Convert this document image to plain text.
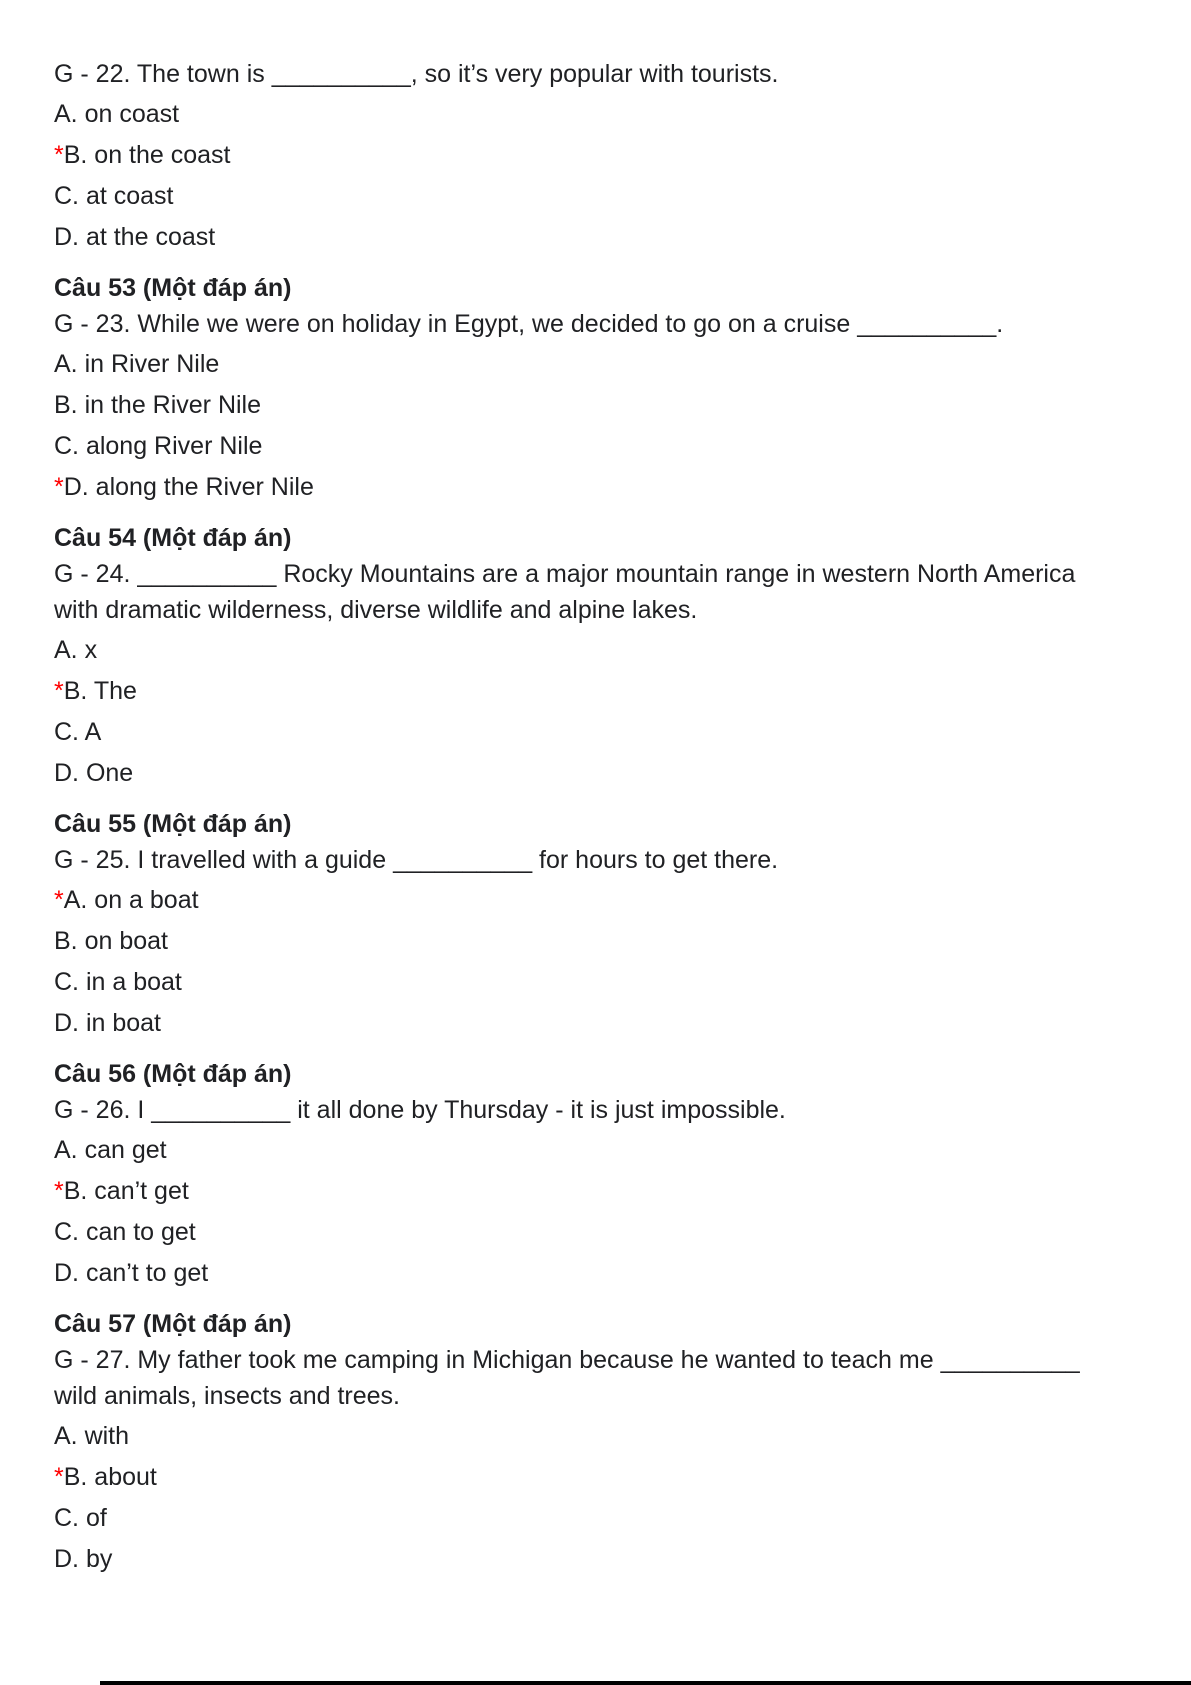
G - 22. The town is __________, so it’s very popular with tourists.

A. on coast

*B. on the coast

C. at coast

D. at the coast

Câu 53 (Một đáp án)

G - 23. While we were on holiday in Egypt, we decided to go on a cruise __________.

A. in River Nile

B. in the River Nile

C. along River Nile

*D. along the River Nile

Câu 54 (Một đáp án)

G - 24. __________ Rocky Mountains are a major mountain range in western North America with dramatic wilderness, diverse wildlife and alpine lakes.

A. x

*B. The

C. A

D. One

Câu 55 (Một đáp án)

G - 25. I travelled with a guide __________ for hours to get there.

*A. on a boat

B. on boat

C. in a boat

D. in boat

Câu 56 (Một đáp án)

G - 26. I __________ it all done by Thursday - it is just impossible.

A. can get

*B. can’t get

C. can to get

D. can’t to get

Câu 57 (Một đáp án)

G - 27. My father took me camping in Michigan because he wanted to teach me __________ wild animals, insects and trees.

A. with

*B. about

C. of

D. by
